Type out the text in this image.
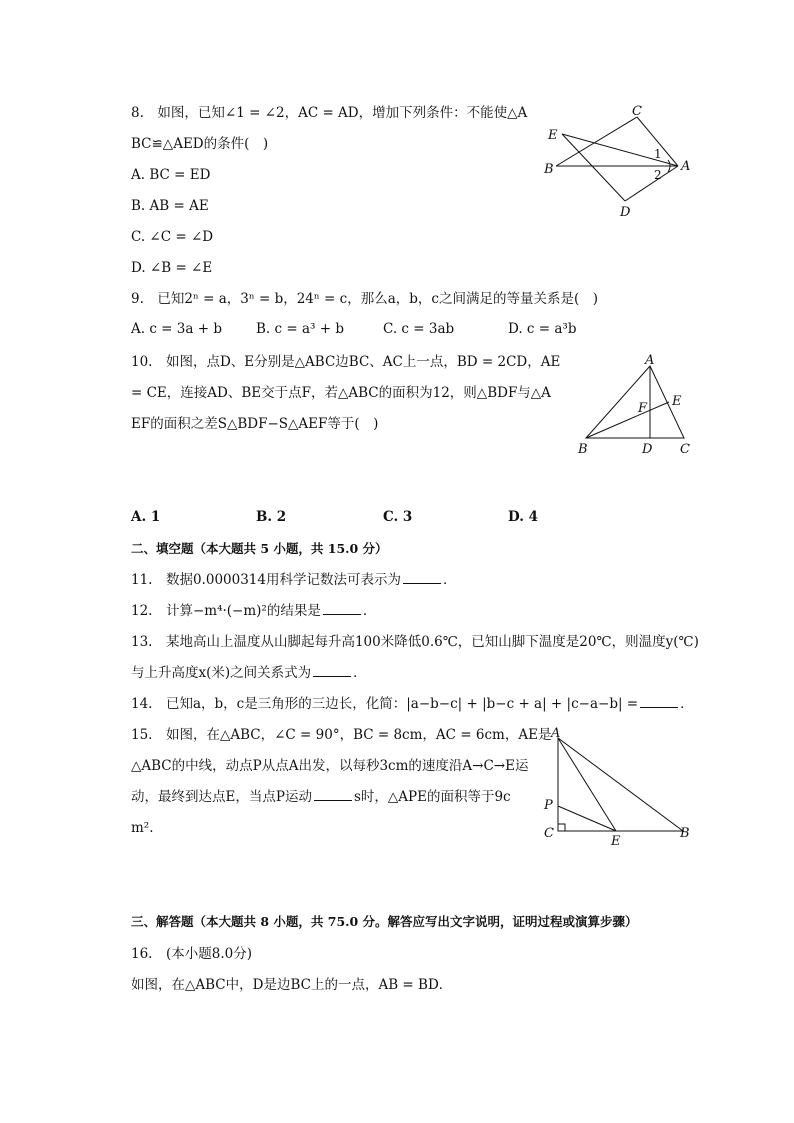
8.　如图，已知∠1 = ∠2，AC = AD，增加下列条件：不能使△A
BC≌△AED的条件(　)
A. BC = ED
B. AB = AE
C. ∠C = ∠D
D. ∠B = ∠E
C
E
B	A
D
1
2
9.　已知2ⁿ = a，3ⁿ = b，24ⁿ = c，那么a，b，c之间满足的等量关系是(　)
A. c = 3a + b	B. c = a³ + b	C. c = 3ab	D. c = a³b
10.　如图，点D、E分别是△ABC边BC、AC上一点，BD = 2CD，AE
= CE，连接AD、BE交于点F，若△ABC的面积为12，则△BDF与△A
EF的面积之差S△BDF−S△AEF等于(　)
A
F E
B	D C
A. 1	B. 2	C. 3	D. 4
二、填空题（本大题共 5 小题，共 15.0 分）
11.　数据0.0000314用科学记数法可表示为	．
12.　计算−m⁴·(−m)²的结果是	．
13.　某地高山上温度从山脚起每升高100米降低0.6℃，已知山脚下温度是20℃，则温度y(℃)
与上升高度x(米)之间关系式为	．
14.　已知a，b，c是三角形的三边长，化简：|a−b−c| + |b−c + a| + |c−a−b| =	．
15.　如图，在△ABC，∠C = 90°，BC = 8cm，AC = 6cm，AE是
△ABC的中线，动点P从点A出发，以每秒3cm的速度沿A→C→E运
动，最终到达点E，当点P运动	s时，△APE的面积等于9c
m².
A
P
C
E
B
三、解答题（本大题共 8 小题，共 75.0 分。解答应写出文字说明，证明过程或演算步骤）
16.　(本小题8.0分)
如图，在△ABC中，D是边BC上的一点，AB = BD．
